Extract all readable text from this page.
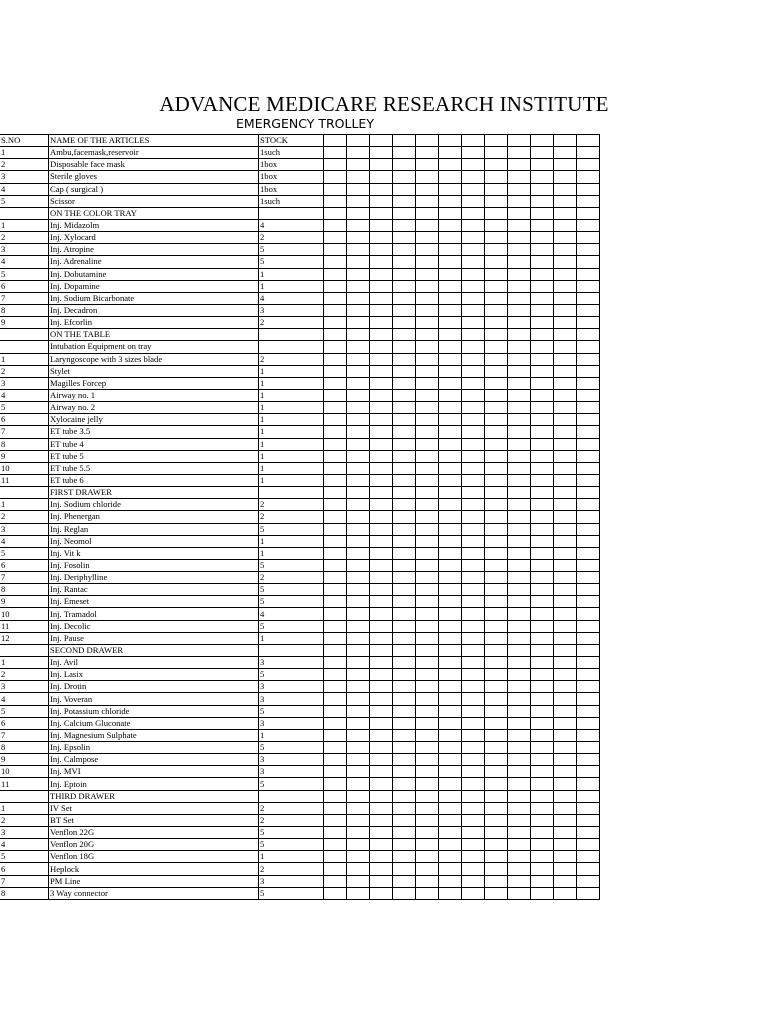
ADVANCE MEDICARE RESEARCH INSTITUTE
EMERGENCY TROLLEY
S.NO	NAME OF THE ARTICLES	STOCK												
1	Ambu,facemask,reservoir	1such												
2	Disposable face mask	1box												
3	Sterile gloves	1box												
4	Cap ( surgical )	1box												
5	Scissor	1such												
	ON THE COLOR TRAY													
1	Inj. Midazolm	4												
2	Inj. Xylocard	2												
3	Inj. Atropine	5												
4	Inj. Adrenaline	5												
5	Inj. Dobutamine	1												
6	Inj. Dopamine	1												
7	Inj. Sodium Bicarbonate	4												
8	Inj. Decadron	3												
9	Inj. Efcorlin	2												
	ON THE TABLE													
	Intubation Equipment on tray													
1	Laryngoscope with 3 sizes blade	2												
2	Stylet	1												
3	Magilles Forcep	1												
4	Airway no. 1	1												
5	Airway no. 2	1												
6	Xylocaine jelly	1												
7	ET tube 3.5	1												
8	ET tube 4	1												
9	ET tube 5	1												
10	ET tube 5.5	1												
11	ET tube 6	1												
	FIRST DRAWER													
1	Inj. Sodium chloride	2												
2	Inj. Phenergan	2												
3	Inj. Reglan	5												
4	Inj. Neomol	1												
5	Inj. Vit k	1												
6	Inj. Fosolin	5												
7	Inj. Deriphylline	2												
8	Inj. Rantac	5												
9	Inj. Emeset	5												
10	Inj. Tramadol	4												
11	Inj. Decolic	5												
12	Inj. Pause	1												
	SECOND DRAWER													
1	Inj. Avil	3												
2	Inj. Lasix	5												
3	Inj. Drotin	3												
4	Inj. Voveran	3												
5	Inj. Potassium chloride	5												
6	Inj. Calcium Gluconate	3												
7	Inj. Magnesium Sulphate	1												
8	Inj. Epsolin	5												
9	Inj. Calmpose	3												
10	Inj. MVI	3												
11	Inj. Eptoin	5												
	THIRD DRAWER													
1	IV Set	2												
2	BT Set	2												
3	Venflon 22G	5												
4	Venflon 20G	5												
5	Venflon 18G	1												
6	Heplock	2												
7	PM Line	3												
8	3 Way connector	5												
